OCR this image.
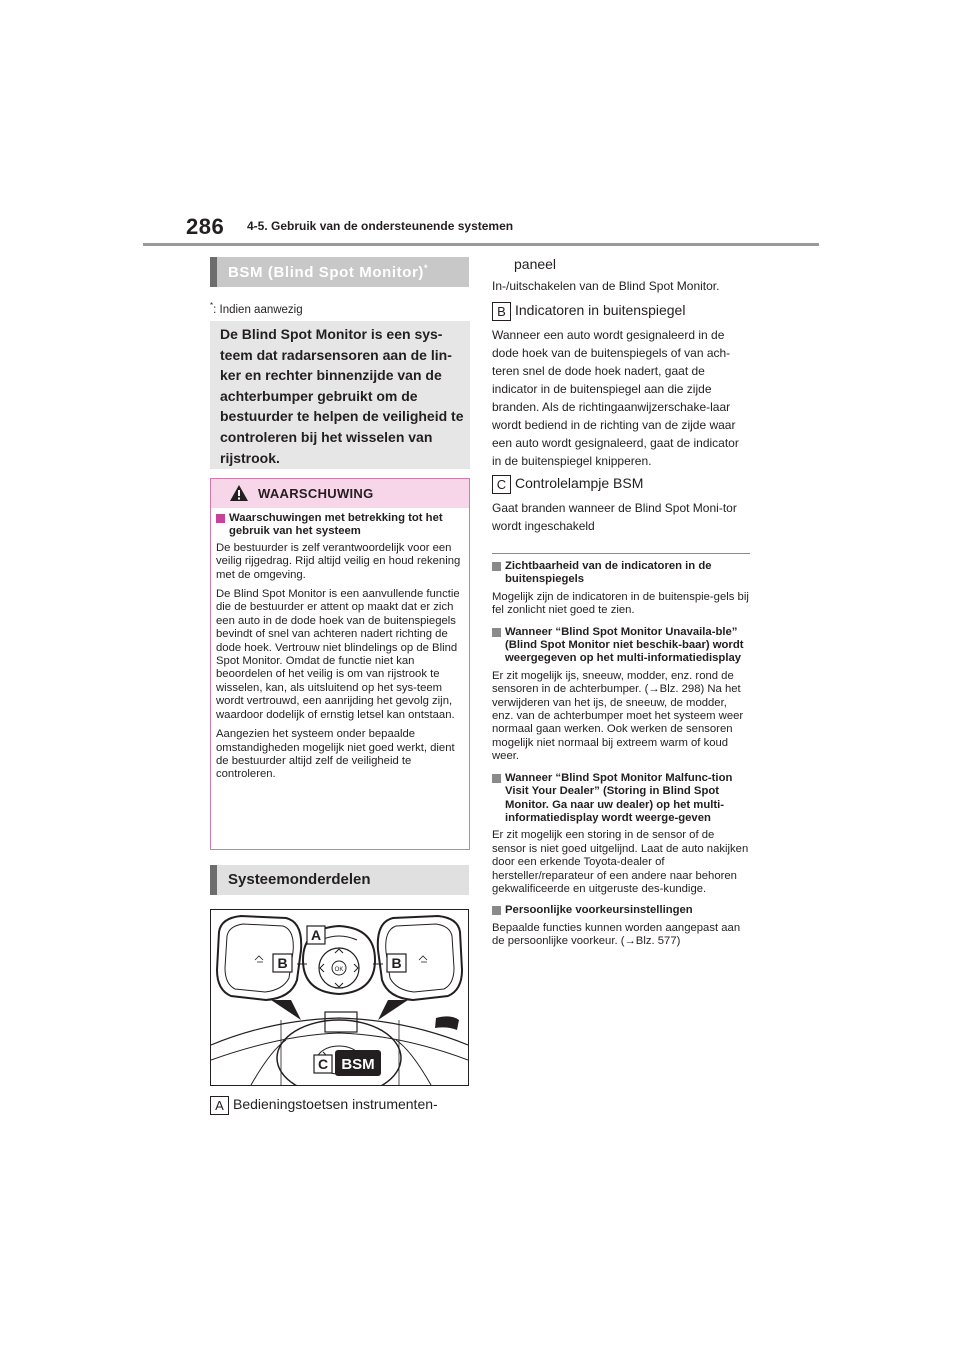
286 4-5. Gebruik van de ondersteunende systemen
BSM (Blind Spot Monitor)*
*: Indien aanwezig
De Blind Spot Monitor is een sys-teem dat radarsensoren aan de lin-ker en rechter binnenzijde van de achterbumper gebruikt om de bestuurder te helpen de veiligheid te controleren bij het wisselen van rijstrook.
WAARSCHUWING
Waarschuwingen met betrekking tot het gebruik van het systeem

De bestuurder is zelf verantwoordelijk voor een veilig rijgedrag. Rijd altijd veilig en houd rekening met de omgeving.

De Blind Spot Monitor is een aanvullende functie die de bestuurder er attent op maakt dat er zich een auto in de dode hoek van de buitenspiegels bevindt of snel van achteren nadert richting de dode hoek. Vertrouw niet blindelings op de Blind Spot Monitor. Omdat de functie niet kan beoordelen of het veilig is om van rijstrook te wisselen, kan, als uitsluitend op het sys-teem wordt vertrouwd, een aanrijding het gevolg zijn, waardoor dodelijk of ernstig letsel kan ontstaan.

Aangezien het systeem onder bepaalde omstandigheden mogelijk niet goed werkt, dient de bestuurder altijd zelf de veiligheid te controleren.

Systeemonderdelen
OK
A
B	B
C BSM
A Bedieningstoetsen instrumenten-
paneel
In-/uitschakelen van de Blind Spot Monitor.
B Indicatoren in buitenspiegel
Wanneer een auto wordt gesignaleerd in de dode hoek van de buitenspiegels of van ach-teren snel de dode hoek nadert, gaat de indicator in de buitenspiegel aan die zijde branden. Als de richtingaanwijzerschake-laar wordt bediend in de richting van de zijde waar een auto wordt gesignaleerd, gaat de indicator in de buitenspiegel knipperen.
C Controlelampje BSM
Gaat branden wanneer de Blind Spot Moni-tor wordt ingeschakeld
Zichtbaarheid van de indicatoren in de buitenspiegels

Mogelijk zijn de indicatoren in de buitenspie-gels bij fel zonlicht niet goed te zien.

Wanneer “Blind Spot Monitor Unavaila-ble” (Blind Spot Monitor niet beschik-baar) wordt weergegeven op het multi-informatiedisplay

Er zit mogelijk ijs, sneeuw, modder, enz. rond de sensoren in de achterbumper. (→Blz. 298) Na het verwijderen van het ijs, de sneeuw, de modder, enz. van de achterbumper moet het systeem weer normaal gaan werken. Ook werken de sensoren mogelijk niet normaal bij extreem warm of koud weer.

Wanneer “Blind Spot Monitor Malfunc-tion Visit Your Dealer” (Storing in Blind Spot Monitor. Ga naar uw dealer) op het multi-informatiedisplay wordt weerge-geven

Er zit mogelijk een storing in de sensor of de sensor is niet goed uitgelijnd. Laat de auto nakijken door een erkende Toyota-dealer of hersteller/reparateur of een andere naar behoren gekwalificeerde en uitgeruste des-kundige.

Persoonlijke voorkeursinstellingen

Bepaalde functies kunnen worden aangepast aan de persoonlijke voorkeur. (→Blz. 577)
